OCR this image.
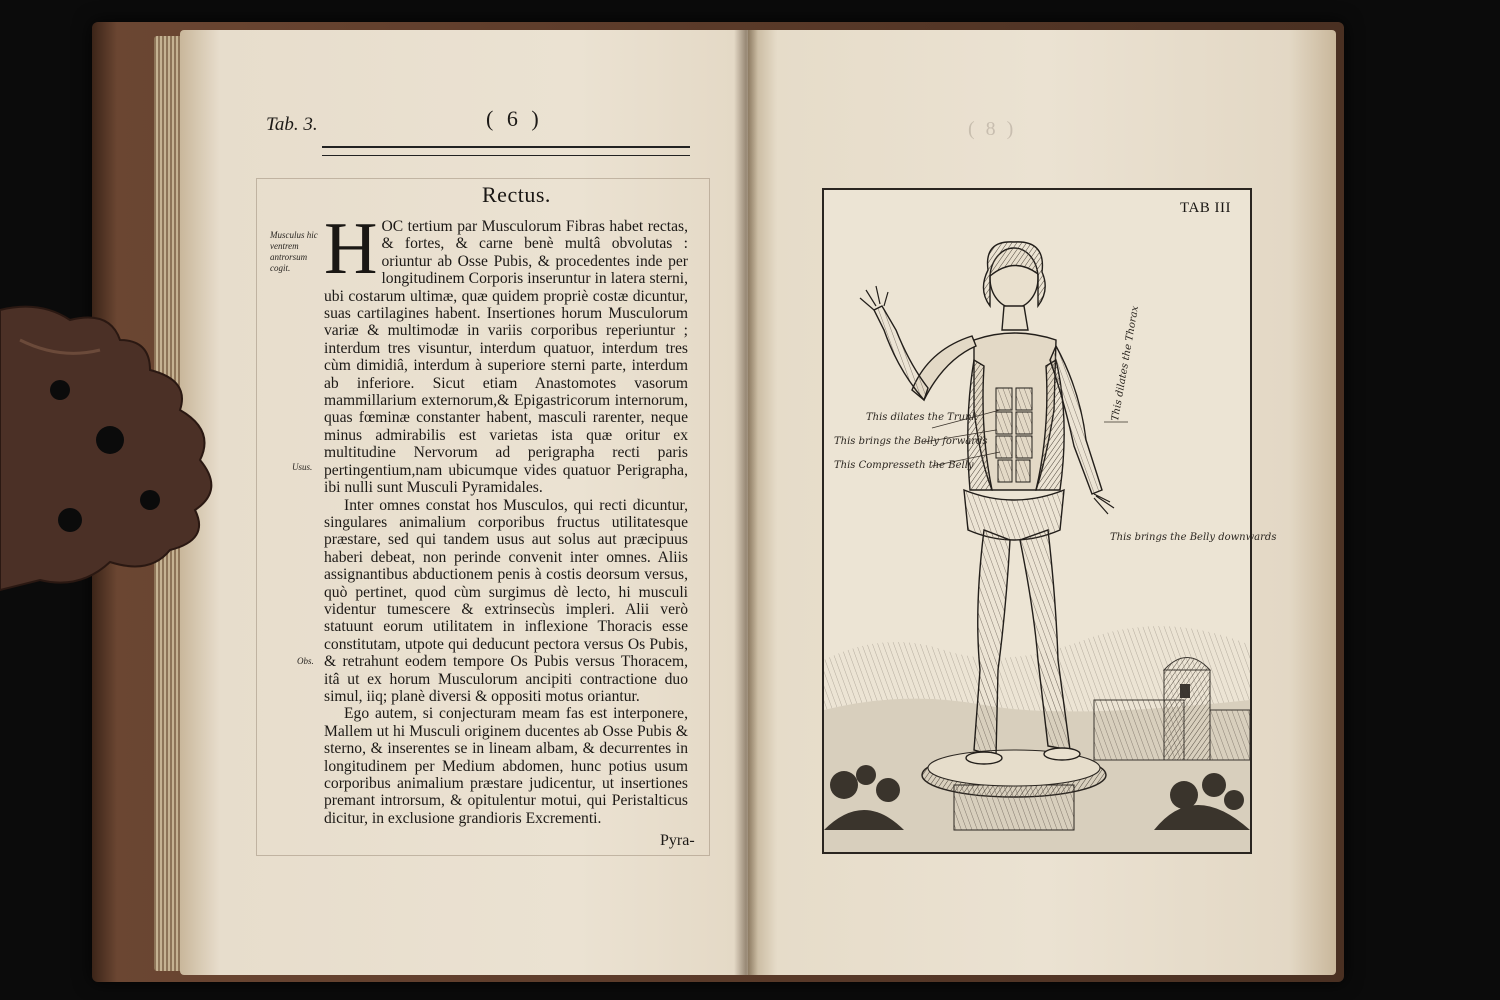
Tab. 3.	( 6 )
Rectus.
Musculus hic ventrem antrorsum cogit.
Usus.
Obs.

HOC tertium par Musculorum Fibras habet rectas, & fortes, & carne benè multâ obvolutas : oriuntur ab Osse Pubis, & procedentes inde per longitudinem Corporis inseruntur in latera sterni, ubi costarum ultimæ, quæ quidem propriè costæ dicuntur, suas cartilagines habent. Insertiones horum Musculorum variæ & multimodæ in variis corporibus reperiuntur ; interdum tres visuntur, interdum quatuor, interdum tres cùm dimidiâ, interdum à superiore sterni parte, interdum ab inferiore. Sicut etiam Anastomotes vasorum mammillarium externorum,& Epigastricorum internorum, quas fœminæ constanter habent, masculi rarenter, neque minus admirabilis est varietas ista quæ oritur ex multitudine Nervorum ad perigrapha recti paris pertingentium,nam ubicumque vides quatuor Perigrapha, ibi nulli sunt Musculi Pyramidales.

Inter omnes constat hos Musculos, qui recti dicuntur, singulares animalium corporibus fructus utilitatesque præstare, sed qui tandem usus aut solus aut præcipuus haberi debeat, non perinde convenit inter omnes. Aliis assignantibus abductionem penis à costis deorsum versus, quò pertinet, quod cùm surgimus dè lecto, hi musculi videntur tumescere & extrinsecùs impleri. Alii verò statuunt eorum utilitatem in inflexione Thoracis esse constitutam, utpote qui deducunt pectora versus Os Pubis, & retrahunt eodem tempore Os Pubis versus Thoracem, itâ ut ex horum Musculorum ancipiti contractione duo simul, iiq; planè diversi & oppositi motus oriantur.

Ego autem, si conjecturam meam fas est interponere, Mallem ut hi Musculi originem ducentes ab Osse Pubis & sterno, & inserentes se in lineam albam, & decurrentes in longitudinem per Medium abdomen, hunc potius usum corporibus animalium præstare judicentur, ut insertiones premant introrsum, & opitulentur motui, qui Peristalticus dicitur, in exclusione grandioris Excrementi.

Pyra-
( 8 )
TAB III
This dilates the Thorax
This dilates the Trunk
This brings the Belly forwards
This Compresseth the Belly
This brings the Belly downwards
